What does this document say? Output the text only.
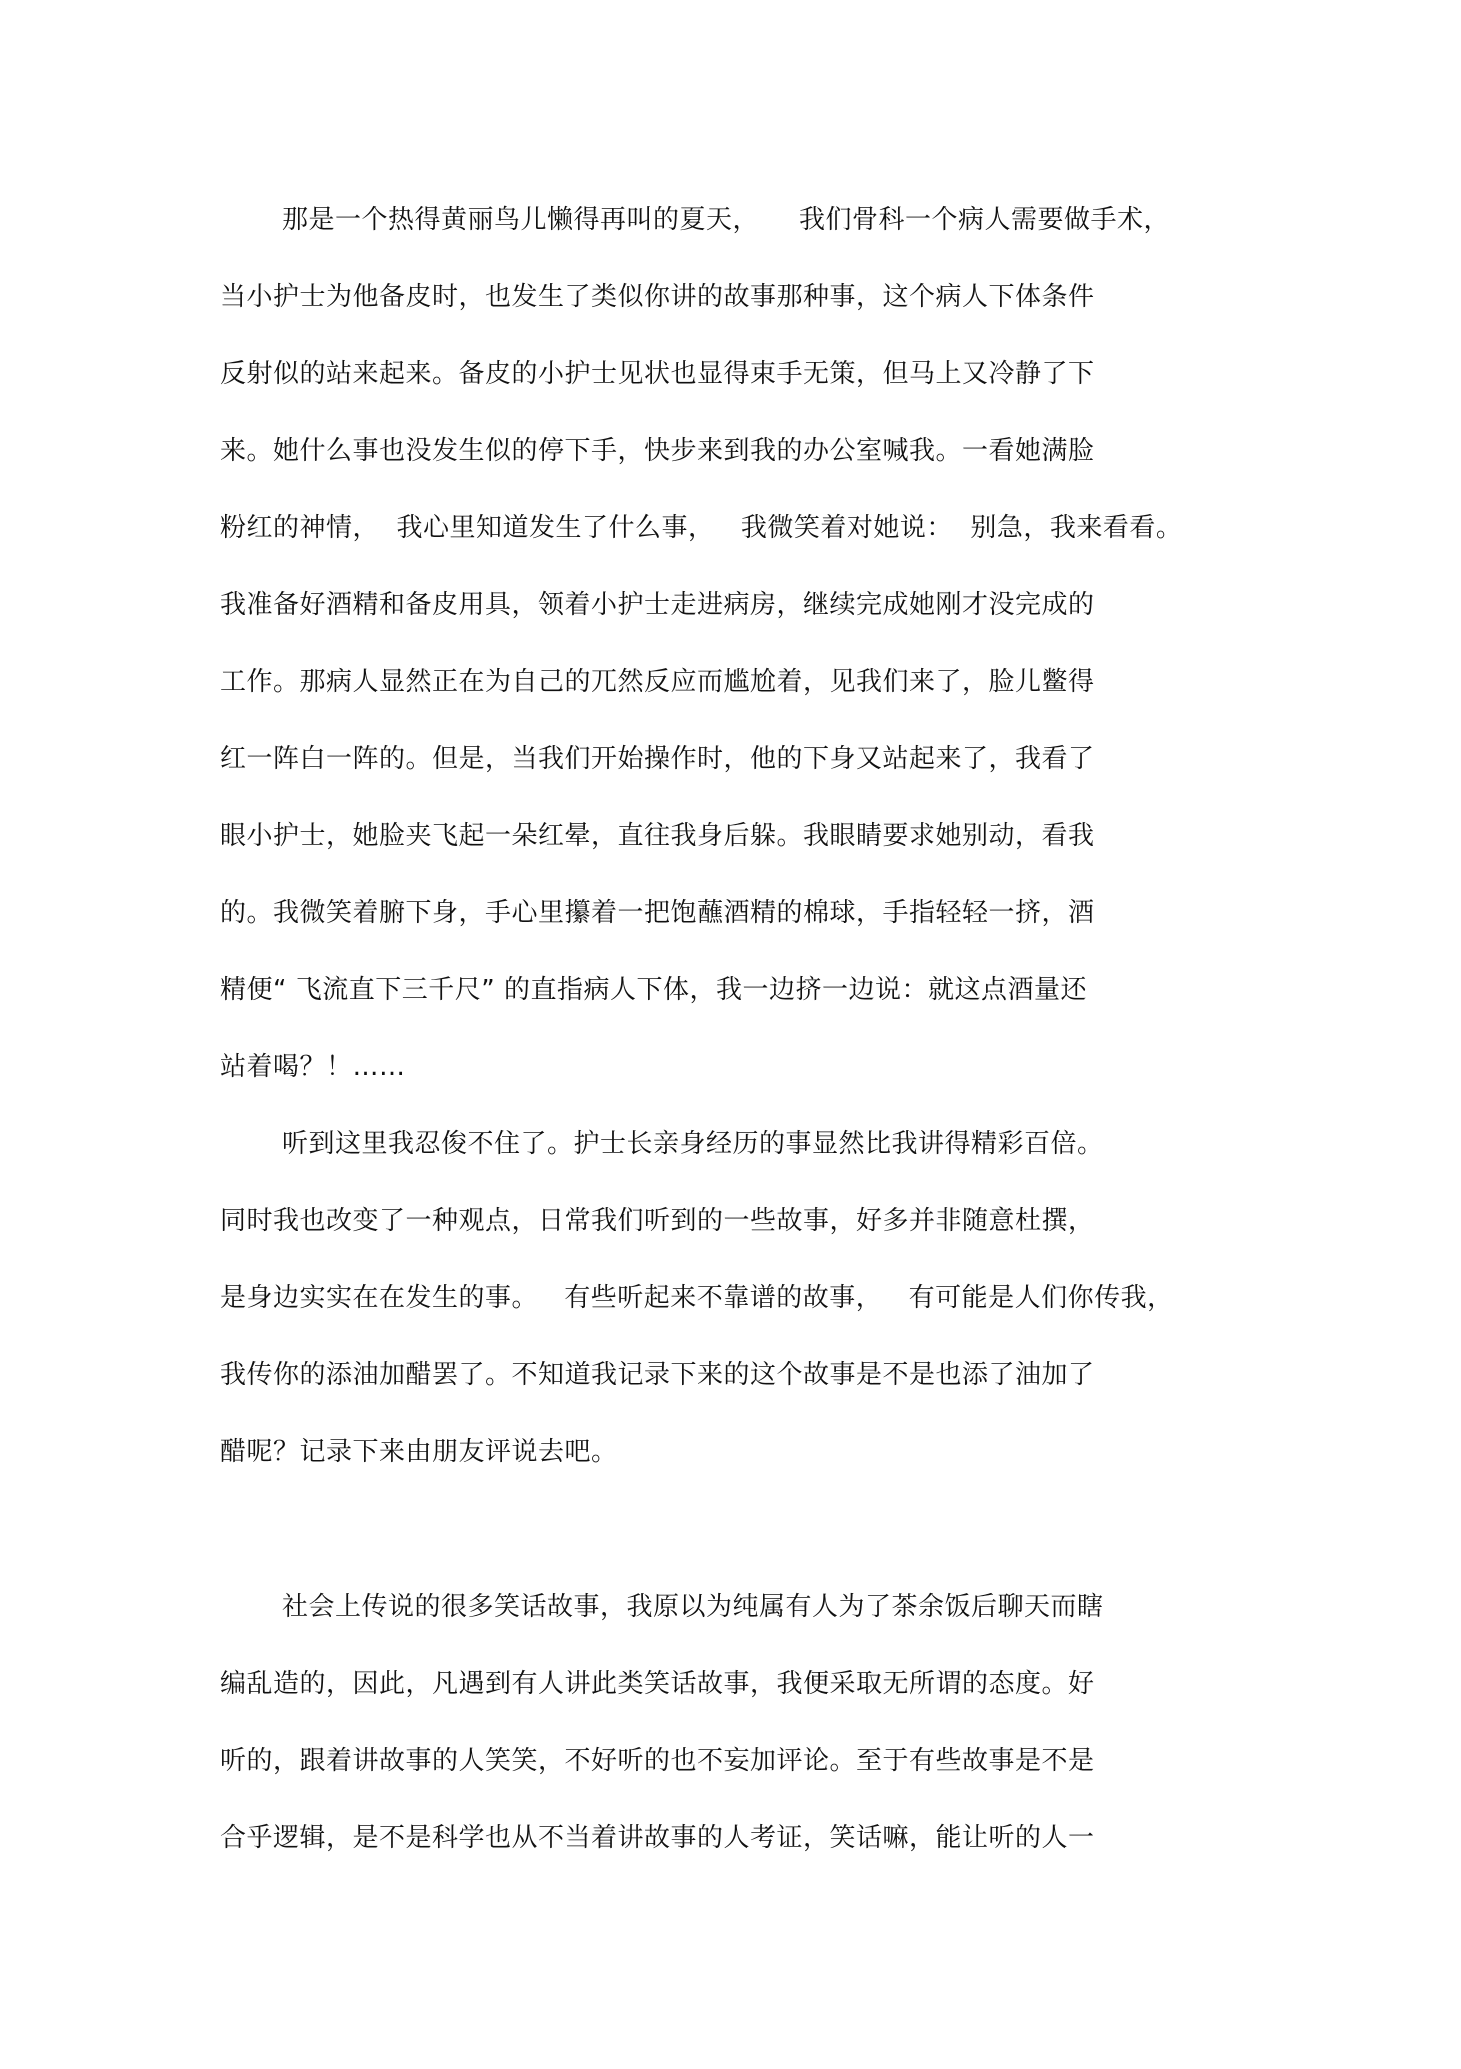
那是一个热得黄丽鸟儿懒得再叫的夏天，　　我们骨科一个病人需要做手术，
当小护士为他备皮时，也发生了类似你讲的故事那种事，这个病人下体条件
反射似的站来起来。备皮的小护士见状也显得束手无策，但马上又冷静了下
来。她什么事也没发生似的停下手，快步来到我的办公室喊我。一看她满脸
粉红的神情，  我心里知道发生了什么事，   我微笑着对她说：  别急，我来看看。
我准备好酒精和备皮用具，领着小护士走进病房，继续完成她刚才没完成的
工作。那病人显然正在为自己的兀然反应而尴尬着，见我们来了，脸儿鳖得
红一阵白一阵的。但是，当我们开始操作时，他的下身又站起来了，我看了
眼小护士，她脸夹飞起一朵红晕，直往我身后躲。我眼睛要求她别动，看我
的。我微笑着腑下身，手心里攥着一把饱蘸酒精的棉球，手指轻轻一挤，酒
精便“ 飞流直下三千尺” 的直指病人下体，我一边挤一边说：就这点酒量还
站着喝？！……
听到这里我忍俊不住了。护士长亲身经历的事显然比我讲得精彩百倍。
同时我也改变了一种观点，日常我们听到的一些故事，好多并非随意杜撰，
是身边实实在在发生的事。   有些听起来不靠谱的故事，   有可能是人们你传我，
我传你的添油加醋罢了。不知道我记录下来的这个故事是不是也添了油加了
醋呢？记录下来由朋友评说去吧。
社会上传说的很多笑话故事，我原以为纯属有人为了茶余饭后聊天而瞎
编乱造的，因此，凡遇到有人讲此类笑话故事，我便采取无所谓的态度。好
听的，跟着讲故事的人笑笑，不好听的也不妄加评论。至于有些故事是不是
合乎逻辑，是不是科学也从不当着讲故事的人考证，笑话嘛，能让听的人一
